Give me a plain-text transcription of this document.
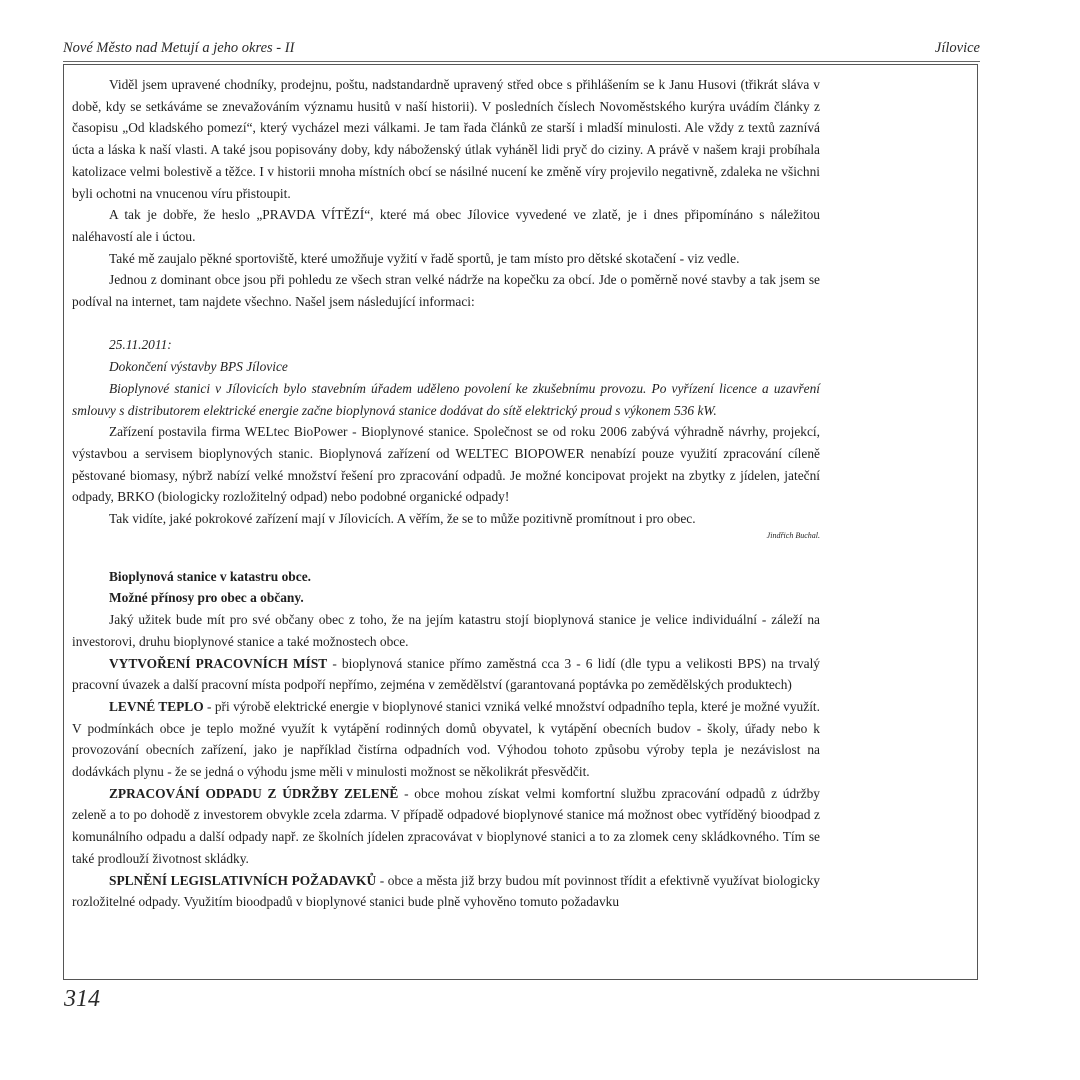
Nové Město nad Metují a jeho okres - II	Jílovice

Viděl jsem upravené chodníky, prodejnu, poštu, nadstandardně upravený střed obce s přihlášením se k Janu Husovi (třikrát sláva v době, kdy se setkáváme se znevažováním významu husitů v naší historii). V posledních číslech Novoměstského kurýra uvádím články z časopisu „Od kladského pomezí“, který vycházel mezi válkami. Je tam řada článků ze starší i mladší minulosti. Ale vždy z textů zaznívá úcta a láska k naší vlasti. A také jsou popisovány doby, kdy náboženský útlak vyháněl lidi pryč do ciziny. A právě v našem kraji probíhala katolizace velmi bolestivě a těžce. I v historii mnoha místních obcí se násilné nucení ke změně víry projevilo negativně, zdaleka ne všichni byli ochotni na vnucenou víru přistoupit.

A tak je dobře, že heslo „PRAVDA VÍTĚZÍ“, které má obec Jílovice vyvedené ve zlatě, je i dnes připomínáno s náležitou naléhavostí ale i úctou.

Také mě zaujalo pěkné sportoviště, které umožňuje vyžití v řadě sportů, je tam místo pro dětské skotačení - viz vedle.

Jednou z dominant obce jsou při pohledu ze všech stran velké nádrže na kopečku za obcí. Jde o poměrně nové stavby a tak jsem se podíval na internet, tam najdete všechno. Našel jsem následující informaci:

25.11.2011:

Dokončení výstavby BPS Jílovice

Bioplynové stanici v Jílovicích bylo stavebním úřadem uděleno povolení ke zkušebnímu provozu. Po vyřízení licence a uzavření smlouvy s distributorem elektrické energie začne bioplynová stanice dodávat do sítě elektrický proud s výkonem 536 kW.

Zařízení postavila firma WELtec BioPower - Bioplynové stanice. Společnost se od roku 2006 zabývá výhradně návrhy, projekcí, výstavbou a servisem bioplynových stanic. Bioplynová zařízení od WELTEC BIOPOWER nenabízí pouze využití zpracování cíleně pěstované biomasy, nýbrž nabízí velké množství řešení pro zpracování odpadů. Je možné koncipovat projekt na zbytky z jídelen, jateční odpady, BRKO (biologicky rozložitelný odpad) nebo podobné organické odpady!

Tak vidíte, jaké pokrokové zařízení mají v Jílovicích. A věřím, že se to může pozitivně promítnout i pro obec.

Jindřich Buchal.

Bioplynová stanice v katastru obce.

Možné přínosy pro obec a občany.

Jaký užitek bude mít pro své občany obec z toho, že na jejím katastru stojí bioplynová stanice je velice individuální - záleží na investorovi, druhu bioplynové stanice a také možnostech obce.

VYTVOŘENÍ PRACOVNÍCH MÍST - bioplynová stanice přímo zaměstná cca 3 - 6 lidí (dle typu a velikosti BPS) na trvalý pracovní úvazek a další pracovní místa podpoří nepřímo, zejména v zemědělství (garantovaná poptávka po zemědělských produktech)

LEVNÉ TEPLO - při výrobě elektrické energie v bioplynové stanici vzniká velké množství odpadního tepla, které je možné využít. V podmínkách obce je teplo možné využít k vytápění rodinných domů obyvatel, k vytápění obecních budov - školy, úřady nebo k provozování obecních zařízení, jako je například čistírna odpadních vod. Výhodou tohoto způsobu výroby tepla je nezávislost na dodávkách plynu - že se jedná o výhodu jsme měli v minulosti možnost se několikrát přesvědčit.

ZPRACOVÁNÍ ODPADU Z ÚDRŽBY ZELENĚ - obce mohou získat velmi komfortní službu zpracování odpadů z údržby zeleně a to po dohodě z investorem obvykle zcela zdarma. V případě odpadové bioplynové stanice má možnost obec vytříděný bioodpad z komunálního odpadu a další odpady např. ze školních jídelen zpracovávat v bioplynové stanici a to za zlomek ceny skládkovného. Tím se také prodlouží životnost skládky.

SPLNĚNÍ LEGISLATIVNÍCH POŽADAVKŮ - obce a města již brzy budou mít povinnost třídit a efektivně využívat biologicky rozložitelné odpady. Využitím bioodpadů v bioplynové stanici bude plně vyhověno tomuto požadavku

314
